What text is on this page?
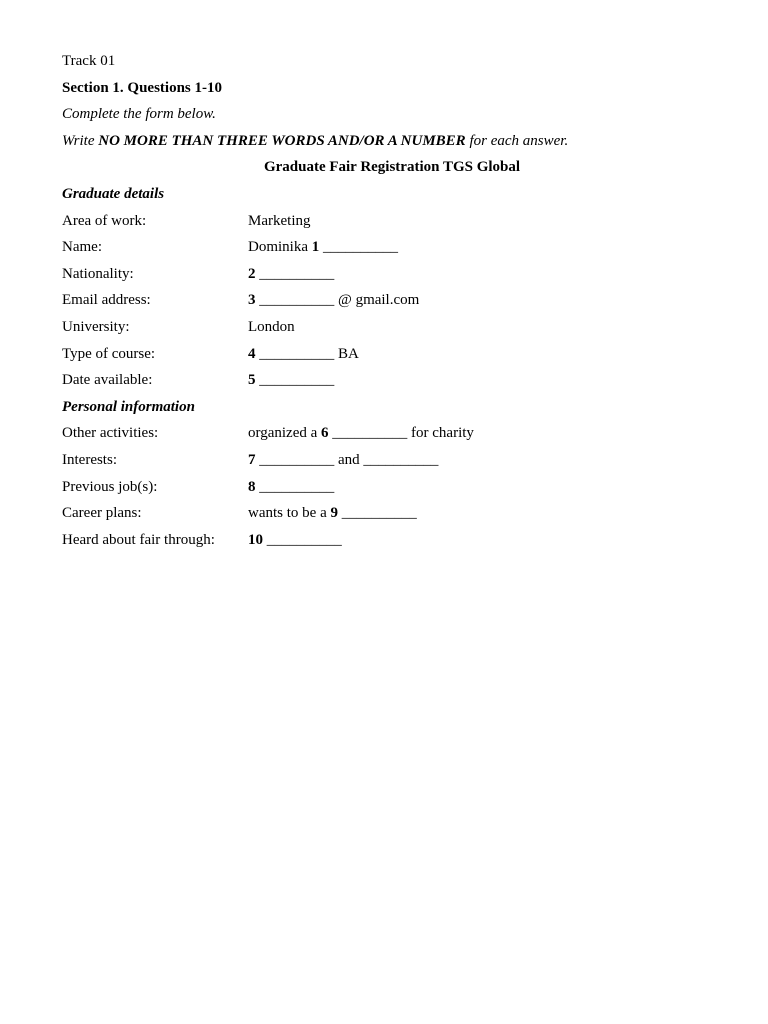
Track 01
Section 1. Questions 1-10
Complete the form below.
Write NO MORE THAN THREE WORDS AND/OR A NUMBER for each answer.
Graduate Fair Registration TGS Global
Graduate details
Area of work:	Marketing
Name:	Dominika 1 __________
Nationality:	2 __________
Email address:	3 __________ @ gmail.com
University:	London
Type of course:	4 __________ BA
Date available:	5 __________
Personal information
Other activities:	organized a 6 __________ for charity
Interests:	7 __________ and __________
Previous job(s):	8 __________
Career plans:	wants to be a 9 __________
Heard about fair through:	10 __________
